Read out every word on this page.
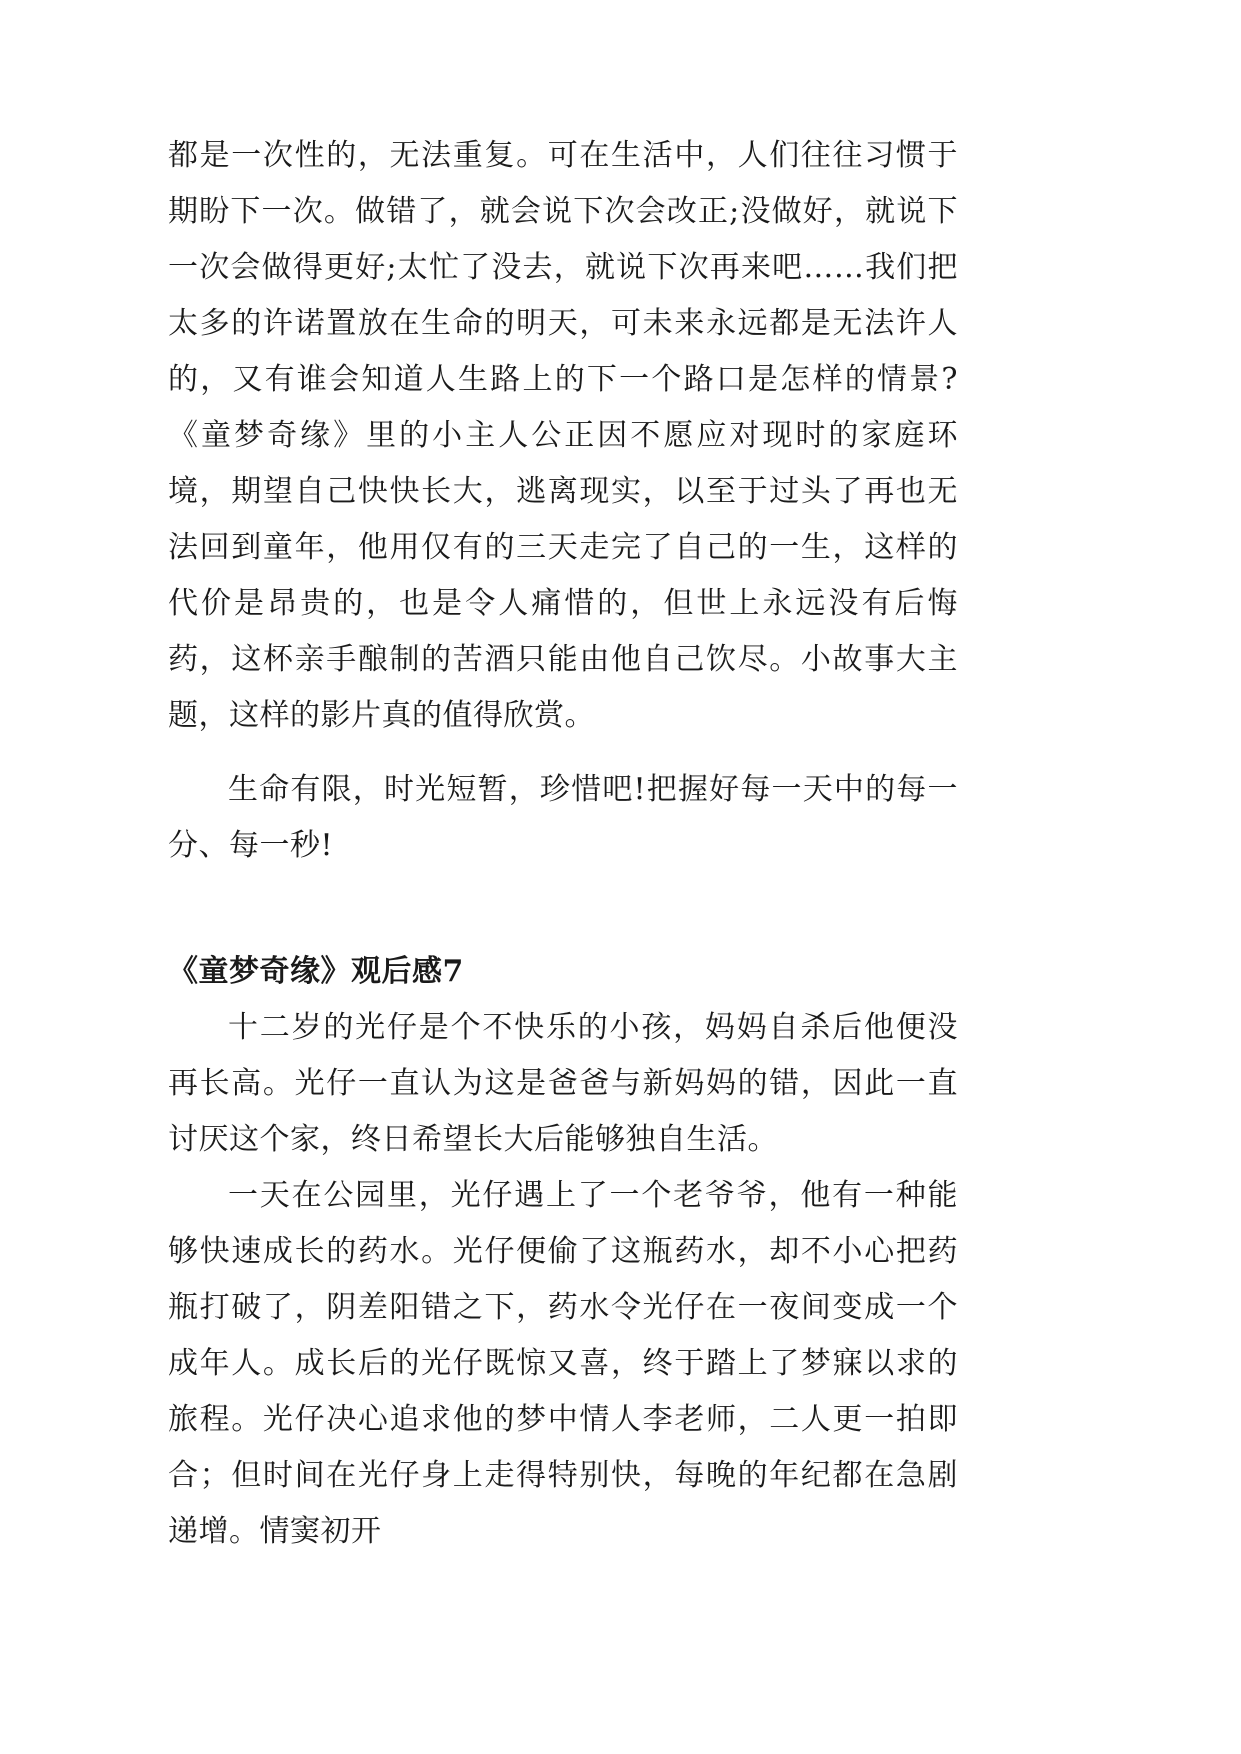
都是一次性的，无法重复。可在生活中，人们往往习惯于期盼下一次。做错了，就会说下次会改正;没做好，就说下一次会做得更好;太忙了没去，就说下次再来吧……我们把太多的许诺置放在生命的明天，可未来永远都是无法许人的，又有谁会知道人生路上的下一个路口是怎样的情景?《童梦奇缘》里的小主人公正因不愿应对现时的家庭环境，期望自己快快长大，逃离现实，以至于过头了再也无法回到童年，他用仅有的三天走完了自己的一生，这样的代价是昂贵的，也是令人痛惜的，但世上永远没有后悔药，这杯亲手酿制的苦酒只能由他自己饮尽。小故事大主题，这样的影片真的值得欣赏。

生命有限，时光短暂，珍惜吧!把握好每一天中的每一分、每一秒!

《童梦奇缘》观后感7

十二岁的光仔是个不快乐的小孩，妈妈自杀后他便没再长高。光仔一直认为这是爸爸与新妈妈的错，因此一直讨厌这个家，终日希望长大后能够独自生活。

一天在公园里，光仔遇上了一个老爷爷，他有一种能够快速成长的药水。光仔便偷了这瓶药水，却不小心把药瓶打破了，阴差阳错之下，药水令光仔在一夜间变成一个成年人。成长后的光仔既惊又喜，终于踏上了梦寐以求的旅程。光仔决心追求他的梦中情人李老师，二人更一拍即合；但时间在光仔身上走得特别快，每晚的年纪都在急剧递增。情窦初开
